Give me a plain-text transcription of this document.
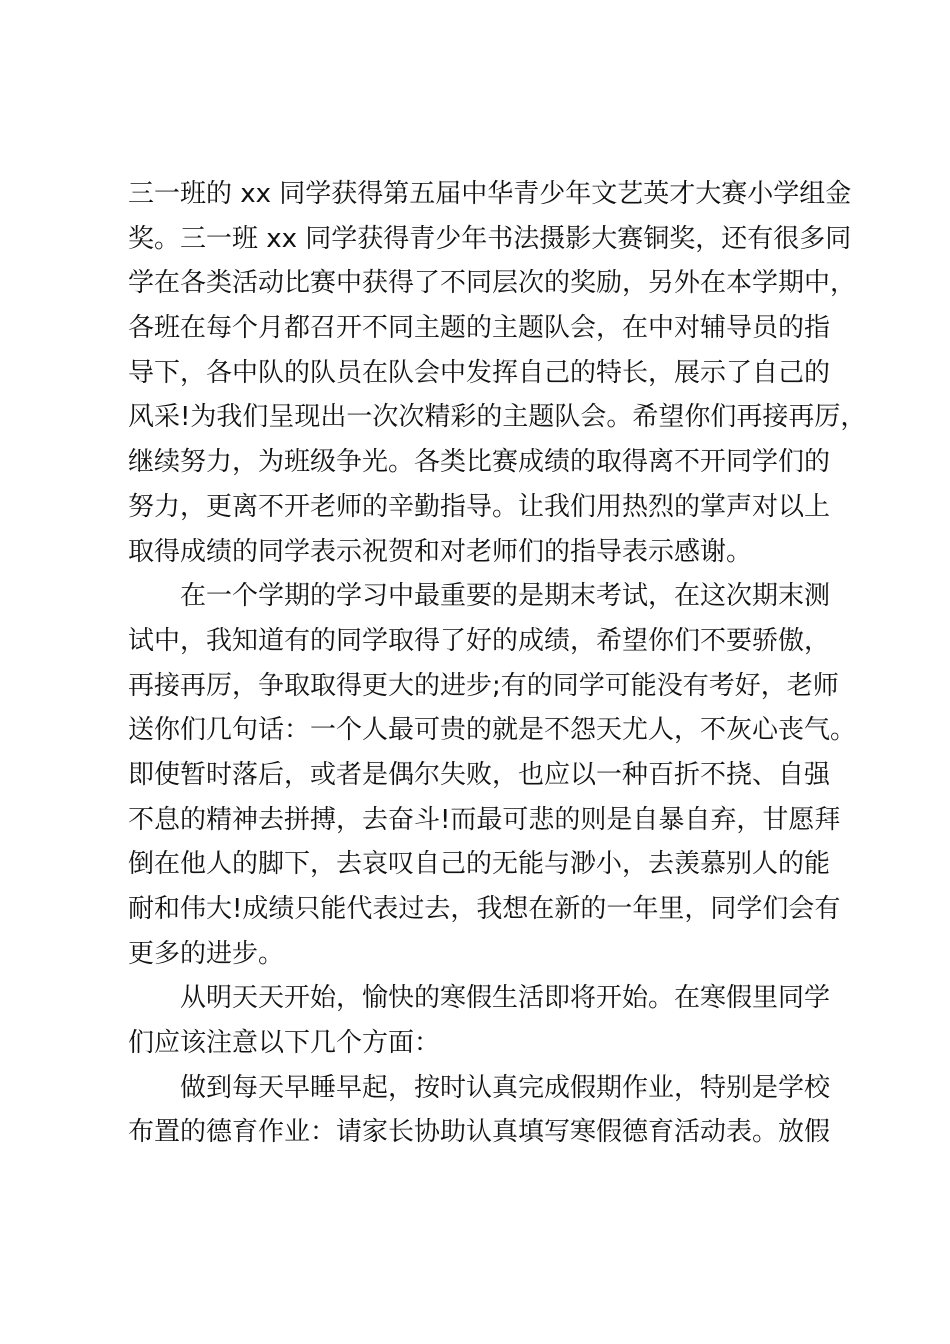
三一班的 xx 同学获得第五届中华青少年文艺英才大赛小学组金
奖。三一班 xx 同学获得青少年书法摄影大赛铜奖，还有很多同
学在各类活动比赛中获得了不同层次的奖励，另外在本学期中，
各班在每个月都召开不同主题的主题队会，在中对辅导员的指
导下，各中队的队员在队会中发挥自己的特长，展示了自己的
风采!为我们呈现出一次次精彩的主题队会。希望你们再接再厉，
继续努力，为班级争光。各类比赛成绩的取得离不开同学们的
努力，更离不开老师的辛勤指导。让我们用热烈的掌声对以上
取得成绩的同学表示祝贺和对老师们的指导表示感谢。
在一个学期的学习中最重要的是期末考试，在这次期末测
试中，我知道有的同学取得了好的成绩，希望你们不要骄傲，
再接再厉，争取取得更大的进步;有的同学可能没有考好，老师
送你们几句话：一个人最可贵的就是不怨天尤人，不灰心丧气。
即使暂时落后，或者是偶尔失败，也应以一种百折不挠、自强
不息的精神去拼搏，去奋斗!而最可悲的则是自暴自弃，甘愿拜
倒在他人的脚下，去哀叹自己的无能与渺小，去羡慕别人的能
耐和伟大!成绩只能代表过去，我想在新的一年里，同学们会有
更多的进步。
从明天天开始，愉快的寒假生活即将开始。在寒假里同学
们应该注意以下几个方面：
做到每天早睡早起，按时认真完成假期作业，特别是学校
布置的德育作业：请家长协助认真填写寒假德育活动表。放假
